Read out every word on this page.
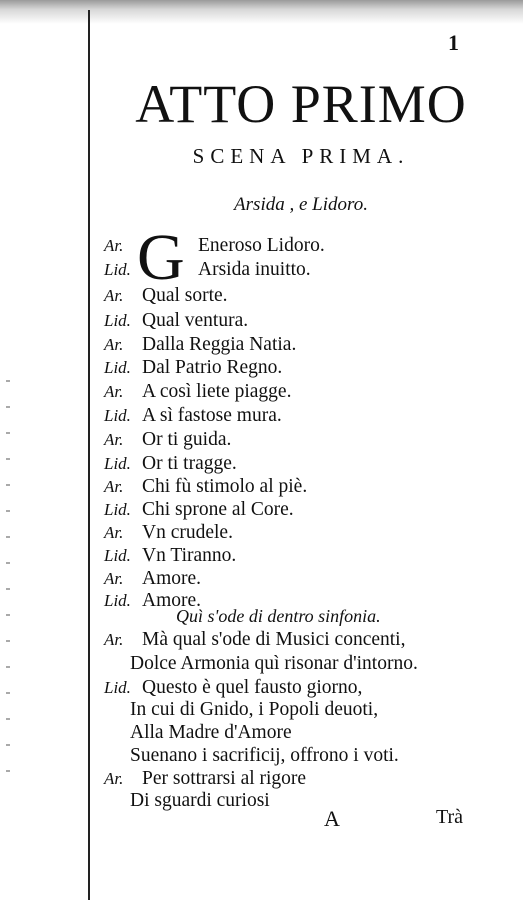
1
ATTO PRIMO
SCENA PRIMA.
Arsida , e Lidoro.
G
Ar.	Eneroso Lidoro.
Lid.	Arsida inuitto.
Ar. Qual sorte.
Lid. Qual ventura.
Ar. Dalla Reggia Natia.
Lid. Dal Patrio Regno.
Ar. A così liete piagge.
Lid. A sì fastose mura.
Ar. Or ti guida.
Lid. Or ti tragge.
Ar. Chi fù stimolo al piè.
Lid. Chi sprone al Core.
Ar. Vn crudele.
Lid. Vn Tiranno.
Ar. Amore.
Lid. Amore.
Quì s'ode di dentro sinfonia.
Ar. Mà qual s'ode di Musici concenti,
Dolce Armonia quì risonar d'intorno.
Lid. Questo è quel fausto giorno,
In cui di Gnido, i Popoli deuoti,
Alla Madre d'Amore
Suenano i sacrificij, offrono i voti.
Ar. Per sottrarsi al rigore
Di sguardi curiosi
A	Trà
